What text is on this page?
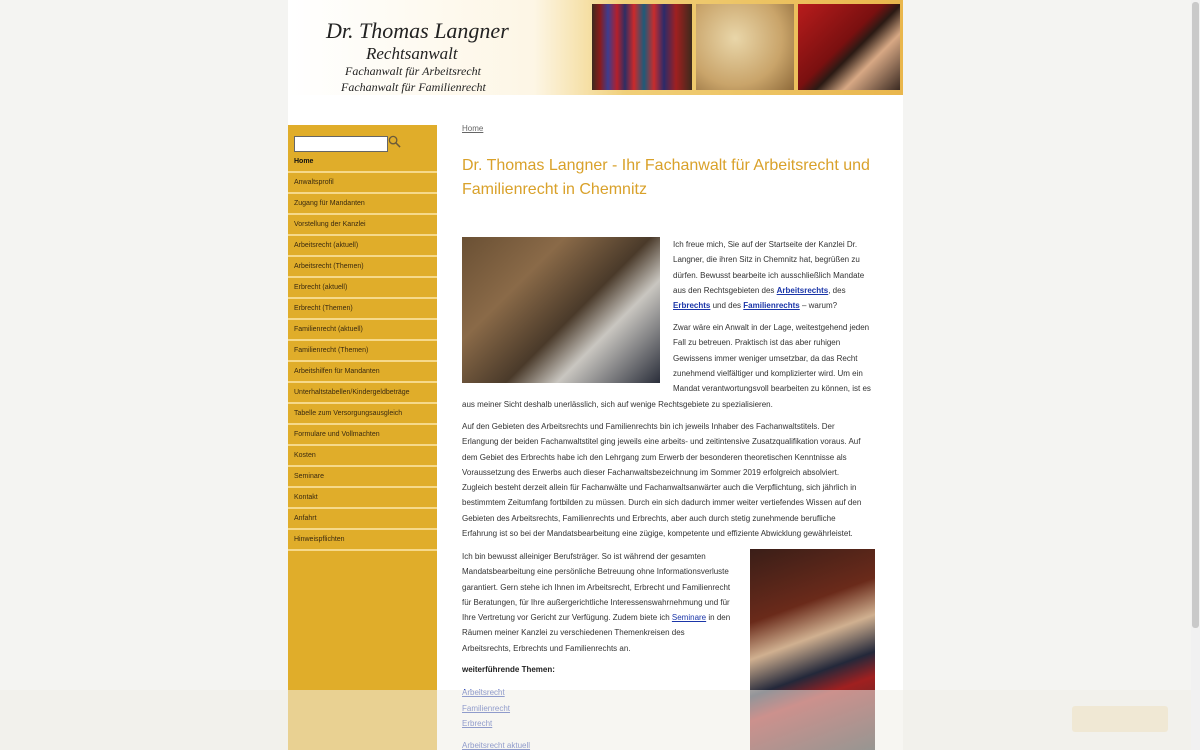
Dr. Thomas Langner
Rechtsanwalt
Fachanwalt für Arbeitsrecht
Fachanwalt für Familienrecht
Home
Anwaltsprofil
Zugang für Mandanten
Vorstellung der Kanzlei
Arbeitsrecht (aktuell)
Arbeitsrecht (Themen)
Erbrecht (aktuell)
Erbrecht (Themen)
Familienrecht (aktuell)
Familienrecht (Themen)
Arbeitshilfen für Mandanten
Unterhaltstabellen/Kindergeldbeträge
Tabelle zum Versorgungsausgleich
Formulare und Vollmachten
Kosten
Seminare
Kontakt
Anfahrt
Hinweispflichten
Home
Dr. Thomas Langner - Ihr Fachanwalt für Arbeitsrecht und
Familienrecht in Chemnitz
Ich freue mich, Sie auf der Startseite der Kanzlei Dr.
Langner, die ihren Sitz in Chemnitz hat, begrüßen zu
dürfen. Bewusst bearbeite ich ausschließlich Mandate
aus den Rechtsgebieten des Arbeitsrechts, des
Erbrechts und des Familienrechts – warum?
Zwar wäre ein Anwalt in der Lage, weitestgehend jeden
Fall zu betreuen. Praktisch ist das aber ruhigen
Gewissens immer weniger umsetzbar, da das Recht
zunehmend vielfältiger und komplizierter wird. Um ein
Mandat verantwortungsvoll bearbeiten zu können, ist es
aus meiner Sicht deshalb unerlässlich, sich auf wenige Rechtsgebiete zu spezialisieren.
Auf den Gebieten des Arbeitsrechts und Familienrechts bin ich jeweils Inhaber des Fachanwaltstitels. Der
Erlangung der beiden Fachanwaltstitel ging jeweils eine arbeits- und zeitintensive Zusatzqualifikation voraus. Auf
dem Gebiet des Erbrechts habe ich den Lehrgang zum Erwerb der besonderen theoretischen Kenntnisse als
Voraussetzung des Erwerbs auch dieser Fachanwaltsbezeichnung im Sommer 2019 erfolgreich absolviert.
Zugleich besteht derzeit allein für Fachanwälte und Fachanwaltsanwärter auch die Verpflichtung, sich jährlich in
bestimmtem Zeitumfang fortbilden zu müssen. Durch ein sich dadurch immer weiter vertiefendes Wissen auf den
Gebieten des Arbeitsrechts, Familienrechts und Erbrechts, aber auch durch stetig zunehmende berufliche
Erfahrung ist so bei der Mandatsbearbeitung eine zügige, kompetente und effiziente Abwicklung gewährleistet.
Ich bin bewusst alleiniger Berufsträger. So ist während der gesamten
Mandatsbearbeitung eine persönliche Betreuung ohne Informationsverluste
garantiert. Gern stehe ich Ihnen im Arbeitsrecht, Erbrecht und Familienrecht
für Beratungen, für Ihre außergerichtliche Interessenswahrnehmung und für
Ihre Vertretung vor Gericht zur Verfügung. Zudem biete ich Seminare in den
Räumen meiner Kanzlei zu verschiedenen Themenkreisen des
Arbeitsrechts, Erbrechts und Familienrechts an.
weiterführende Themen:
